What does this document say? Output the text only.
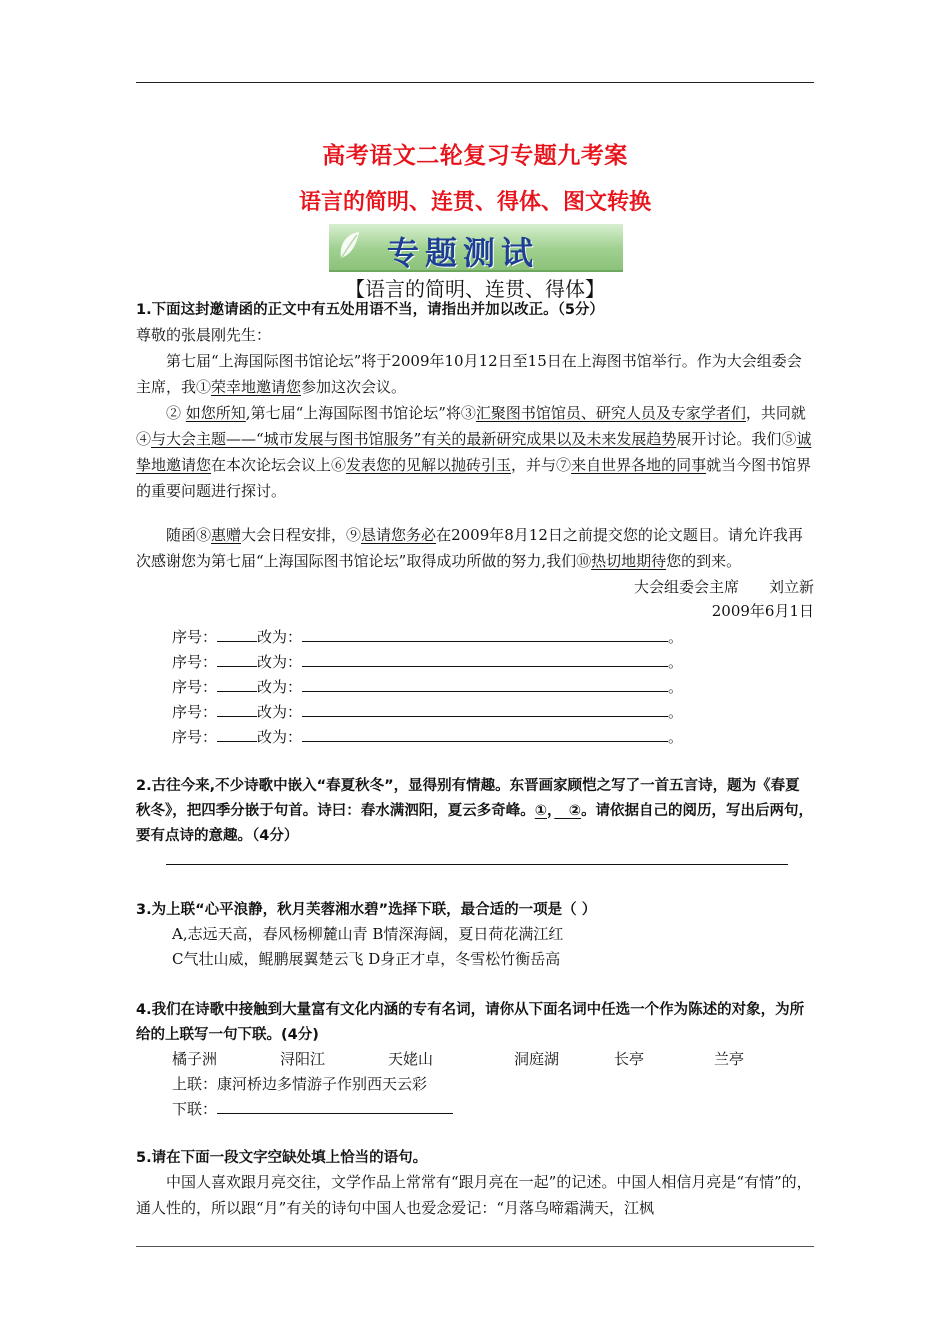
高考语文二轮复习专题九考案
语言的简明、连贯、得体、图文转换
专题测试
【语言的简明、连贯、得体】
1.下面这封邀请函的正文中有五处用语不当，请指出并加以改正。（5分）
尊敬的张晨刚先生：
第七届“上海国际图书馆论坛”将于2009年10月12日至15日在上海图书馆举行。作为大会组委会主席，我①荣幸地邀请您参加这次会议。
② 如您所知,第七届“上海国际图书馆论坛”将③汇聚图书馆馆员、研究人员及专家学者们，共同就④与大会主题——“城市发展与图书馆服务”有关的最新研究成果以及未来发展趋势展开讨论。我们⑤诚挚地邀请您在本次论坛会议上⑥发表您的见解以抛砖引玉，并与⑦来自世界各地的同事就当今图书馆界的重要问题进行探讨。
随函⑧惠赠大会日程安排，⑨恳请您务必在2009年8月12日之前提交您的论文题目。请允许我再次感谢您为第七届“上海国际图书馆论坛”取得成功所做的努力,我们⑩热切地期待您的到来。
大会组委会主席　　刘立新
2009年6月1日
序号：	改为：	。
序号：	改为：	。
序号：	改为：	。
序号：	改为：	。
序号：	改为：	。
2.古往今来,不少诗歌中嵌入“春夏秋冬”，显得别有情趣。东晋画家顾恺之写了一首五言诗，题为《春夏秋冬》，把四季分嵌于句首。诗曰：春水满泗阳，夏云多奇峰。①，　②。请依据自己的阅历，写出后两句，要有点诗的意趣。（4分）
3.为上联“心平浪静，秋月芙蓉湘水碧”选择下联，最合适的一项是（ ）
A,志远天高，春风杨柳麓山青 B情深海阔，夏日荷花满江红
C气壮山威，鲲鹏展翼楚云飞 D身正才卓，冬雪松竹衡岳高
4.我们在诗歌中接触到大量富有文化内涵的专有名词，请你从下面名词中任选一个作为陈述的对象，为所给的上联写一句下联。(4分)
橘子洲	浔阳江	天姥山	洞庭湖	长亭	兰亭
上联：康河桥边多情游子作别西天云彩
下联：
5.请在下面一段文字空缺处填上恰当的语句。
中国人喜欢跟月亮交往，文学作品上常常有“跟月亮在一起”的记述。中国人相信月亮是“有情”的，通人性的，所以跟“月”有关的诗句中国人也爱念爱记：“月落乌啼霜满天，江枫
